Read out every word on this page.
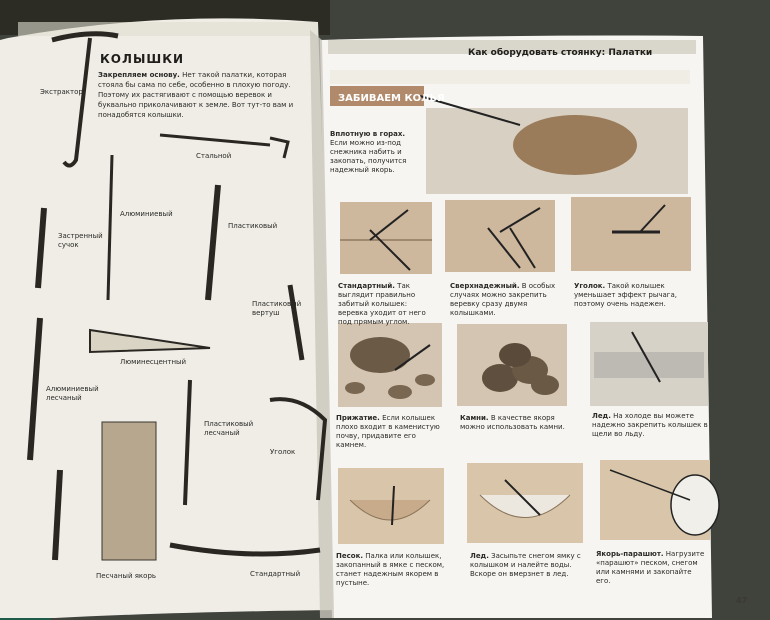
КОЛЫШКИ
Закрепляем основу. Нет такой палатки, которая стояла бы сама по себе, особенно в плохую погоду. Поэтому их растягивают с помощью веревок и буквально приколачивают к земле. Вот тут-то вам и понадобятся колышки.
Экстрактор
Стальной
Алюминиевый
Пластиковый
Застренный сучок
Пластиковый вертуш
Люминесцентный
Алюминиевый лесчаный
Пластиковый лесчаный
Уголок
Песчаный якорь	Стандартный
Как оборудовать стоянку: Палатки
ЗАБИВАЕМ КОЛЬЯ
Вплотную в горах. Если можно из-под снежника набить и закопать, получится надежный якорь.
Стандартный. Так выглядит правильно забитый колышек: веревка уходит от него под прямым углом.
Сверхнадежный. В особых случаях можно закрепить веревку сразу двумя колышками.
Уголок. Такой колышек уменьшает эффект рычага, поэтому очень надежен.
Прижатие. Если колышек плохо входит в каменистую почву, придавите его камнем.
Камни. В качестве якоря можно использовать камни.
Лед. На холоде вы можете надежно закрепить колышек в щели во льду.
Песок. Палка или колышек, закопанный в ямке с песком, станет надежным якорем в пустыне.
Лед. Засыпьте снегом ямку с колышком и налейте воды. Вскоре он вмерзнет в лед.
Якорь-парашют. Нагрузите «парашют» песком, снегом или камнями и закопайте его.
47
